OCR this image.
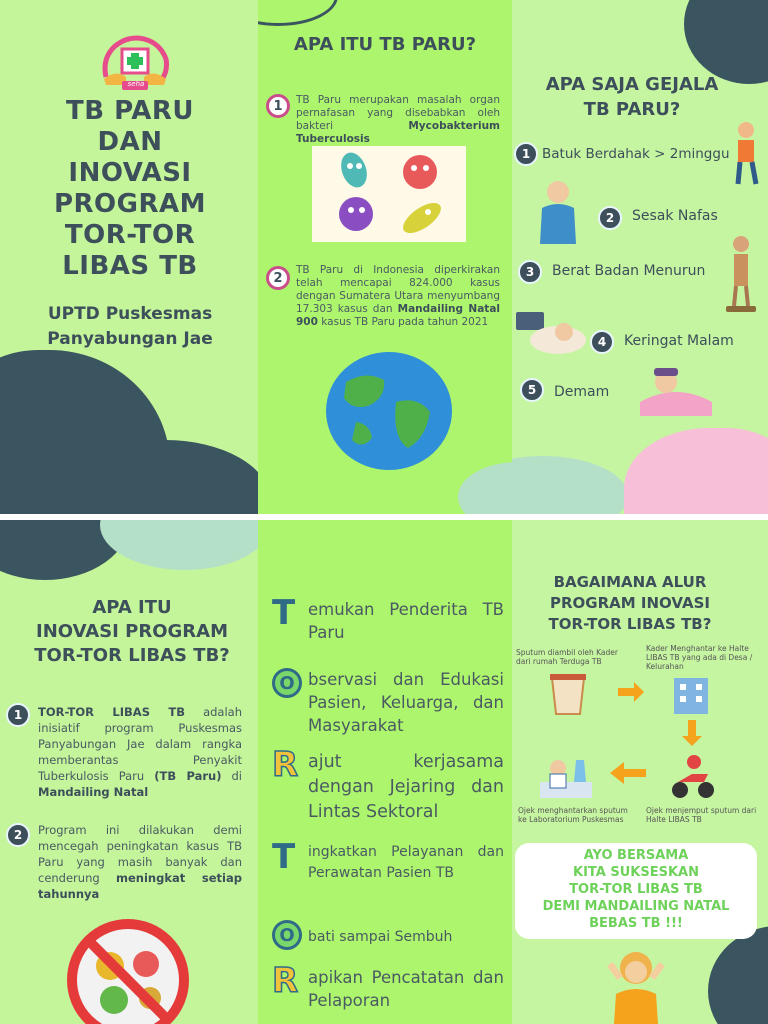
seha
TB PARU
DAN
INOVASI
PROGRAM
TOR-TOR
LIBAS TB
UPTD Puskesmas
Panyabungan Jae
APA ITU TB PARU?
1	TB Paru merupakan masalah organ pernafasan yang disebabkan oleh bakteri	Mycobakterium Tuberculosis
2
TB Paru di Indonesia diperkirakan telah mencapai 824.000 kasus dengan Sumatera Utara menyumbang 17.303 kasus dan Mandailing Natal 900 kasus TB Paru pada tahun 2021
APA SAJA GEJALA
TB PARU?
1 Batuk Berdahak > 2minggu
2	Sesak Nafas
3	Berat Badan Menurun
4	Keringat Malam
5	Demam
APA ITU
INOVASI PROGRAM
TOR-TOR LIBAS TB?
1	TOR-TOR LIBAS TB adalah inisiatif program Puskesmas Panyabungan Jae dalam rangka memberantas Penyakit Tuberkulosis Paru (TB Paru) di Mandailing Natal
2	Program ini dilakukan demi mencegah peningkatan kasus TB Paru yang masih banyak dan cenderung meningkat setiap tahunnya
T emukan Penderita TB Paru
O bservasi dan Edukasi Pasien, Keluarga, dan Masyarakat
R ajut kerjasama dengan Jejaring dan Lintas Sektoral
T ingkatkan Pelayanan dan Perawatan Pasien TB
O bati sampai Sembuh
R apikan Pencatatan dan Pelaporan
BAGAIMANA ALUR
PROGRAM INOVASI
TOR-TOR LIBAS TB?
Sputum diambil oleh Kader dari rumah Terduga TB
Kader Menghantar ke Halte LIBAS TB yang ada di Desa / Kelurahan
Ojek menghantarkan sputum ke Laboratorium Puskesmas
Ojek menjemput sputum dari Halte LIBAS TB
AYO BERSAMA
KITA SUKSESKAN
TOR-TOR LIBAS TB
DEMI MANDAILING NATAL
BEBAS TB !!!
